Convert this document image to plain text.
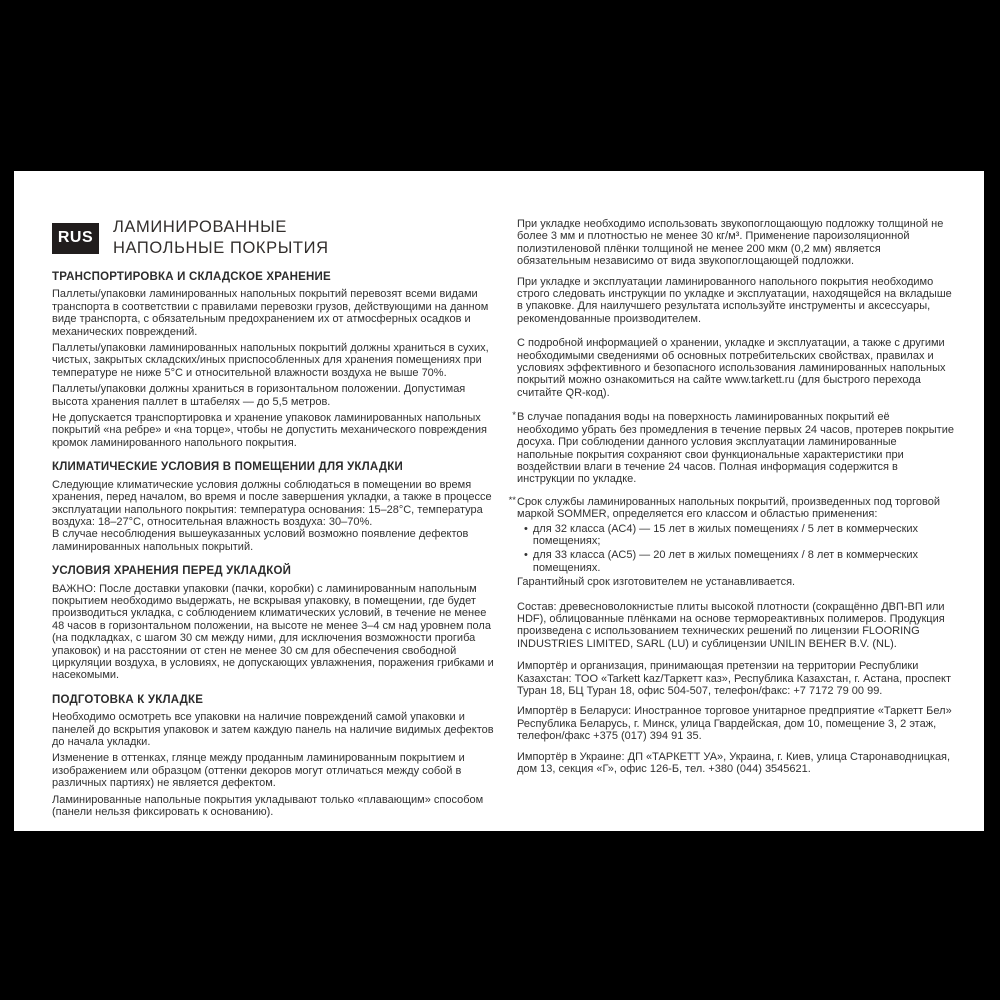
RUS
ЛАМИНИРОВАННЫЕ
НАПОЛЬНЫЕ ПОКРЫТИЯ
ТРАНСПОРТИРОВКА И СКЛАДСКОЕ ХРАНЕНИЕ

Паллеты/упаковки ламинированных напольных покрытий перевозят всеми видами транспорта в соответствии с правилами перевозки грузов, действующими на данном виде транспорта, с обязательным предохранением их от атмосферных осадков и механических повреждений.

Паллеты/упаковки ламинированных напольных покрытий должны храниться в сухих, чистых, закрытых складских/иных приспособленных для хранения помещениях при температуре не ниже 5°С и относительной влажности воздуха не выше 70%.

Паллеты/упаковки должны храниться в горизонтальном положении. Допустимая высота хранения паллет в штабелях — до 5,5 метров.

Не допускается транспортировка и хранение упаковок ламинированных напольных покрытий «на ребре» и «на торце», чтобы не допустить механического повреждения кромок ламинированного напольного покрытия.

КЛИМАТИЧЕСКИЕ УСЛОВИЯ В ПОМЕЩЕНИИ ДЛЯ УКЛАДКИ

Следующие климатические условия должны соблюдаться в помещении во время хранения, перед началом, во время и после завершения укладки, а также в процессе эксплуатации напольного покрытия: температура основания: 15–28°С, температура воздуха: 18–27°С, относительная влажность воздуха: 30–70%.

В случае несоблюдения вышеуказанных условий возможно появление дефектов ламинированных напольных покрытий.

УСЛОВИЯ ХРАНЕНИЯ ПЕРЕД УКЛАДКОЙ

ВАЖНО: После доставки упаковки (пачки, коробки) с ламинированным напольным покрытием необходимо выдержать, не вскрывая упаковку, в помещении, где будет производиться укладка, с соблюдением климатических условий, в течение не менее 48 часов в горизонтальном положении, на высоте не менее 3–4 см над уровнем пола (на подкладках, с шагом 30 см между ними, для исключения возможности прогиба упаковок) и на расстоянии от стен не менее 30 см для обеспечения свободной циркуляции воздуха, в условиях, не допускающих увлажнения, поражения грибками и насекомыми.

ПОДГОТОВКА К УКЛАДКЕ

Необходимо осмотреть все упаковки на наличие повреждений самой упаковки и панелей до вскрытия упаковок и затем каждую панель на наличие видимых дефектов до начала укладки.

Изменение в оттенках, глянце между проданным ламинированным покрытием и изображением или образцом (оттенки декоров могут отличаться между собой в различных партиях) не является дефектом.

Ламинированные напольные покрытия укладывают только «плавающим» способом (панели нельзя фиксировать к основанию).

При укладке необходимо использовать звукопоглощающую подложку толщиной не более 3 мм и плотностью не менее 30 кг/м³. Применение пароизоляционной полиэтиленовой плёнки толщиной не менее 200 мкм (0,2 мм) является обязательным независимо от вида звукопоглощающей подложки.

При укладке и эксплуатации ламинированного напольного покрытия необходимо строго следовать инструкции по укладке и эксплуатации, находящейся на вкладыше в упаковке. Для наилучшего результата используйте инструменты и аксессуары, рекомендованные производителем.

С подробной информацией о хранении, укладке и эксплуатации, а также с другими необходимыми сведениями об основных потребительских свойствах, правилах и условиях эффективного и безопасного использования ламинированных напольных покрытий можно ознакомиться на сайте www.tarkett.ru (для быстрого перехода считайте QR-код).

* В случае попадания воды на поверхность ламинированных покрытий её необходимо убрать без промедления в течение первых 24 часов, протерев покрытие досуха. При соблюдении данного условия эксплуатации ламинированные напольные покрытия сохраняют свои функциональные характеристики при воздействии влаги в течение 24 часов. Полная информация содержится в инструкции по укладке.
** Срок службы ламинированных напольных покрытий, произведенных под торговой маркой SOMMER, определяется его классом и областью применения:
• для 32 класса (АС4) — 15 лет в жилых помещениях / 5 лет в коммерческих помещениях;
• для 33 класса (АС5) — 20 лет в жилых помещениях / 8 лет в коммерческих помещениях.
Гарантийный срок изготовителем не устанавливается.

Состав: древесноволокнистые плиты высокой плотности (сокращённо ДВП-ВП или HDF), облицованные плёнками на основе термореактивных полимеров. Продукция произведена с использованием технических решений по лицензии FLOORING INDUSTRIES LIMITED, SARL (LU) и сублицензии UNILIN BEHER B.V. (NL).

Импортёр и организация, принимающая претензии на территории Республики Казахстан: ТОО «Tarkett kaz/Таркетт каз», Республика Казахстан, г. Астана, проспект Туран 18, БЦ Туран 18, офис 504-507, телефон/факс: +7 7172 79 00 99.

Импортёр в Беларуси: Иностранное торговое унитарное предприятие «Таркетт Бел» Республика Беларусь, г. Минск, улица Гвардейская, дом 10, помещение 3, 2 этаж, телефон/факс +375 (017) 394 91 35.

Импортёр в Украине: ДП «ТАРКЕТТ УА», Украина, г. Киев, улица Старонаводницкая, дом 13, секция «Г», офис 126-Б, тел. +380 (044) 3545621.
